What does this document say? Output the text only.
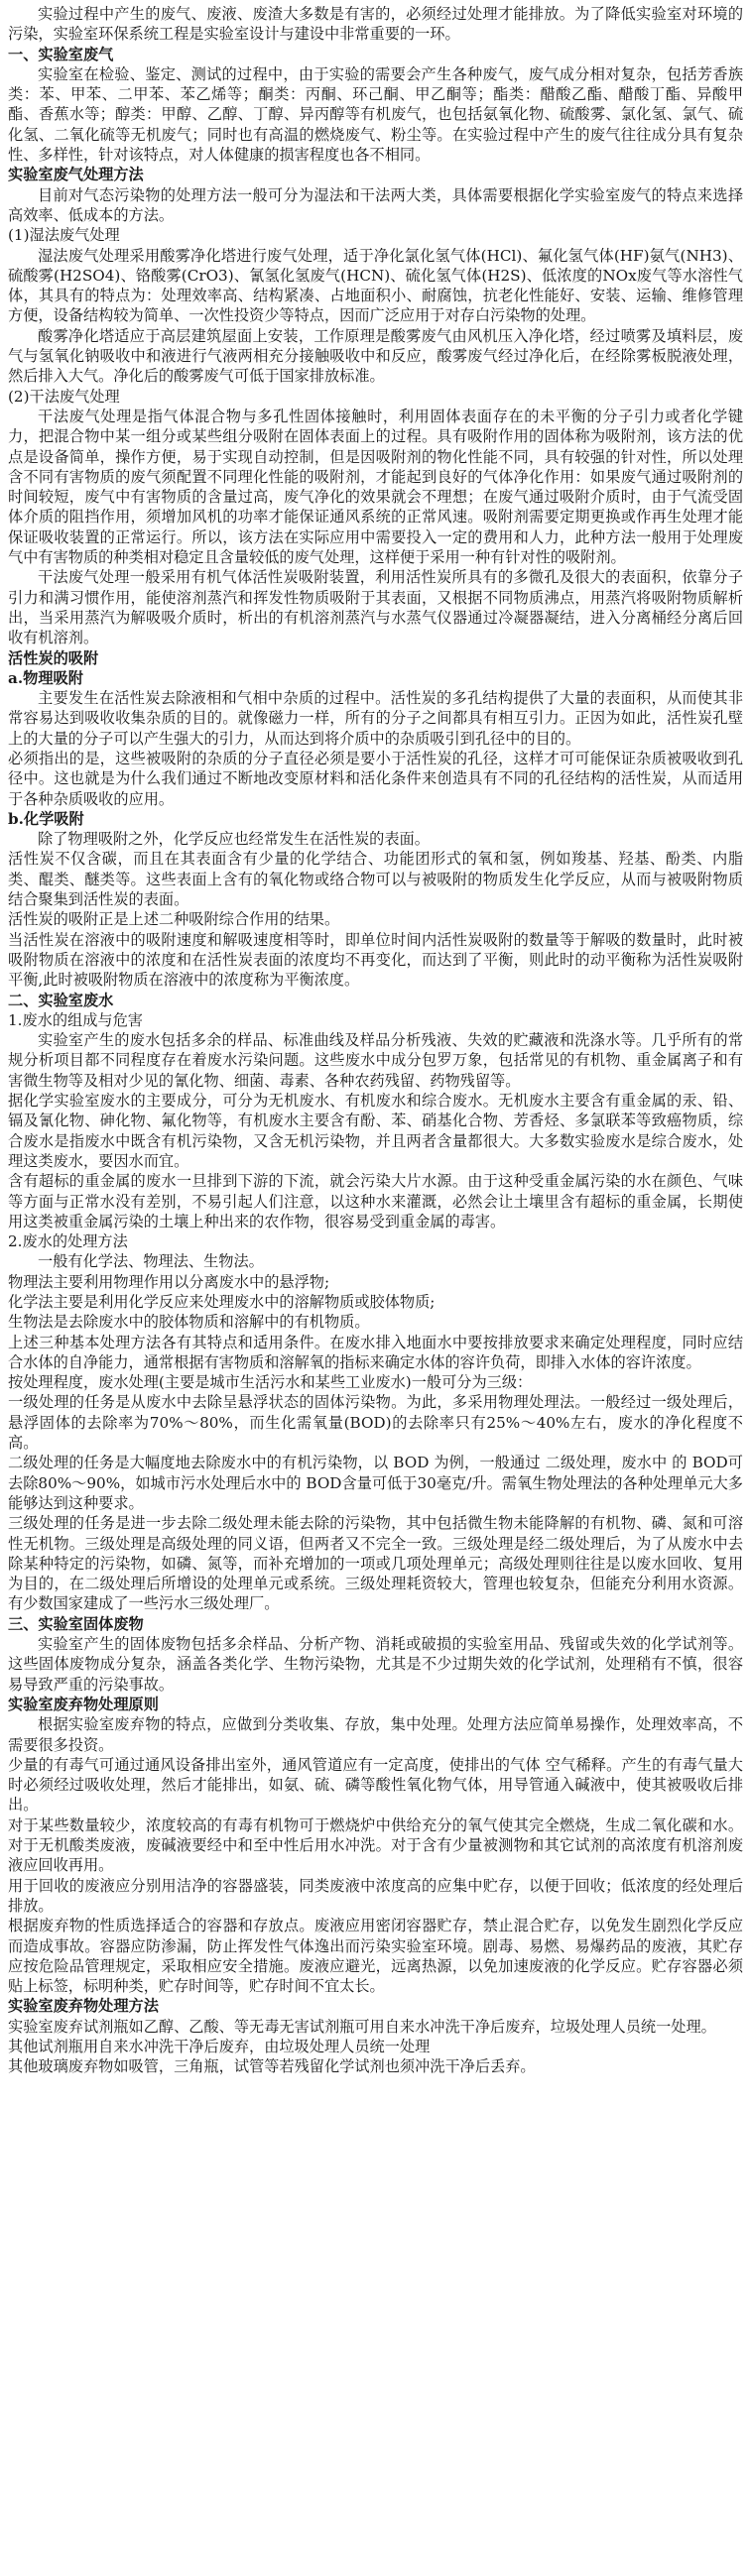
实验过程中产生的废气、废液、废渣大多数是有害的，必须经过处理才能排放。为了降低实验室对环境的污染，实验室环保系统工程是实验室设计与建设中非常重要的一环。

一、实验室废气

实验室在检验、鉴定、测试的过程中，由于实验的需要会产生各种废气，废气成分相对复杂，包括芳香族类：苯、甲苯、二甲苯、苯乙烯等；酮类：丙酮、环己酮、甲乙酮等；酯类：醋酸乙酯、醋酸丁酯、异酸甲酯、香蕉水等；醇类：甲醇、乙醇、丁醇、异丙醇等有机废气，也包括氨氧化物、硫酸雾、氯化氢、氯气、硫化氢、二氧化硫等无机废气；同时也有高温的燃烧废气、粉尘等。在实验过程中产生的废气往往成分具有复杂性、多样性，针对该特点，对人体健康的损害程度也各不相同。

实验室废气处理方法

目前对气态污染物的处理方法一般可分为湿法和干法两大类，具体需要根据化学实验室废气的特点来选择高效率、低成本的方法。

(1)湿法废气处理

湿法废气处理采用酸雾净化塔进行废气处理，适于净化氯化氢气体(HCl)、氟化氢气体(HF)氨气(NH3)、硫酸雾(H2SO4)、铬酸雾(CrO3)、氰氢化氢废气(HCN)、硫化氢气体(H2S)、低浓度的NOx废气等水溶性气体，其具有的特点为：处理效率高、结构紧凑、占地面积小、耐腐蚀，抗老化性能好、安装、运输、维修管理方便，设备结构较为简单、一次性投资少等特点，因而广泛应用于对存白污染物的处理。

酸雾净化塔适应于高层建筑屋面上安装，工作原理是酸雾废气由风机压入净化塔，经过喷雾及填料层，废气与氢氧化钠吸收中和液进行气液两相充分接触吸收中和反应，酸雾废气经过净化后，在经除雾板脱液处理，然后排入大气。净化后的酸雾废气可低于国家排放标准。

(2)干法废气处理

干法废气处理是指气体混合物与多孔性固体接触时，利用固体表面存在的未平衡的分子引力或者化学键力，把混合物中某一组分或某些组分吸附在固体表面上的过程。具有吸附作用的固体称为吸附剂，该方法的优点是设备简单，操作方便，易于实现自动控制，但是因吸附剂的物化性能不同，具有较强的针对性，所以处理含不同有害物质的废气须配置不同理化性能的吸附剂，才能起到良好的气体净化作用：如果废气通过吸附剂的时间较短，废气中有害物质的含量过高，废气净化的效果就会不理想；在废气通过吸附介质时，由于气流受固体介质的阻挡作用，须增加风机的功率才能保证通风系统的正常风速。吸附剂需要定期更换或作再生处理才能保证吸收装置的正常运行。所以，该方法在实际应用中需要投入一定的费用和人力，此种方法一般用于处理废气中有害物质的种类相对稳定且含量较低的废气处理，这样便于采用一种有针对性的吸附剂。

干法废气处理一般采用有机气体活性炭吸附装置，利用活性炭所具有的多微孔及很大的表面积，依靠分子引力和满习惯作用，能使溶剂蒸汽和挥发性物质吸附于其表面，又根据不同物质沸点，用蒸汽将吸附物质解析出，当采用蒸汽为解吸吸介质时，析出的有机溶剂蒸汽与水蒸气仪器通过冷凝器凝结，进入分离桶经分离后回收有机溶剂。

活性炭的吸附

a.物理吸附

主要发生在活性炭去除液相和气相中杂质的过程中。活性炭的多孔结构提供了大量的表面积，从而使其非常容易达到吸收收集杂质的目的。就像磁力一样，所有的分子之间都具有相互引力。正因为如此，活性炭孔壁上的大量的分子可以产生强大的引力，从而达到将介质中的杂质吸引到孔径中的目的。

必须指出的是，这些被吸附的杂质的分子直径必须是要小于活性炭的孔径，这样才可可能保证杂质被吸收到孔径中。这也就是为什么我们通过不断地改变原材料和活化条件来创造具有不同的孔径结构的活性炭，从而适用于各种杂质吸收的应用。

b.化学吸附

除了物理吸附之外，化学反应也经常发生在活性炭的表面。

活性炭不仅含碳，而且在其表面含有少量的化学结合、功能团形式的氧和氢，例如羧基、羟基、酚类、内脂类、醌类、醚类等。这些表面上含有的氧化物或络合物可以与被吸附的物质发生化学反应，从而与被吸附物质结合聚集到活性炭的表面。

活性炭的吸附正是上述二种吸附综合作用的结果。

当活性炭在溶液中的吸附速度和解吸速度相等时，即单位时间内活性炭吸附的数量等于解吸的数量时，此时被吸附物质在溶液中的浓度和在活性炭表面的浓度均不再变化，而达到了平衡，则此时的动平衡称为活性炭吸附平衡,此时被吸附物质在溶液中的浓度称为平衡浓度。

二、实验室废水

1.废水的组成与危害

实验室产生的废水包括多余的样品、标准曲线及样品分析残液、失效的贮藏液和洗涤水等。几乎所有的常规分析项目都不同程度存在着废水污染问题。这些废水中成分包罗万象，包括常见的有机物、重金属离子和有害微生物等及相对少见的氰化物、细菌、毒素、各种农药残留、药物残留等。

据化学实验室废水的主要成分，可分为无机废水、有机废水和综合废水。无机废水主要含有重金属的汞、铅、镉及氰化物、砷化物、氟化物等，有机废水主要含有酚、苯、硝基化合物、芳香烃、多氯联苯等致癌物质，综合废水是指废水中既含有机污染物，又含无机污染物，并且两者含量都很大。大多数实验废水是综合废水，处理这类废水，要因水而宜。

含有超标的重金属的废水一旦排到下游的下流，就会污染大片水源。由于这种受重金属污染的水在颜色、气味等方面与正常水没有差别，不易引起人们注意，以这种水来灌溉，必然会让土壤里含有超标的重金属，长期使用这类被重金属污染的土壤上种出来的农作物，很容易受到重金属的毒害。

2.废水的处理方法

一般有化学法、物理法、生物法。

物理法主要利用物理作用以分离废水中的悬浮物;

化学法主要是利用化学反应来处理废水中的溶解物质或胶体物质;

生物法是去除废水中的胶体物质和溶解中的有机物质。

上述三种基本处理方法各有其特点和适用条件。在废水排入地面水中要按排放要求来确定处理程度，同时应结合水体的自净能力，通常根据有害物质和溶解氧的指标来确定水体的容许负荷，即排入水体的容许浓度。

按处理程度，废水处理(主要是城市生活污水和某些工业废水)一般可分为三级：

一级处理的任务是从废水中去除呈悬浮状态的固体污染物。为此，多采用物理处理法。一般经过一级处理后，悬浮固体的去除率为70%～80%，而生化需氧量(BOD)的去除率只有25%～40%左右，废水的净化程度不高。

二级处理的任务是大幅度地去除废水中的有机污染物，以 BOD 为例，一般通过 二级处理，废水中 的 BOD可去除80%～90%，如城市污水处理后水中的 BOD含量可低于30毫克/升。需氧生物处理法的各种处理单元大多能够达到这种要求。

三级处理的任务是进一步去除二级处理未能去除的污染物，其中包括微生物未能降解的有机物、磷、氮和可溶性无机物。三级处理是高级处理的同义语，但两者又不完全一致。三级处理是经二级处理后，为了从废水中去除某种特定的污染物，如磷、氮等，而补充增加的一项或几项处理单元；高级处理则往往是以废水回收、复用为目的，在二级处理后所增设的处理单元或系统。三级处理耗资较大，管理也较复杂，但能充分利用水资源。有少数国家建成了一些污水三级处理厂。

三、实验室固体废物

实验室产生的固体废物包括多余样品、分析产物、消耗或破损的实验室用品、残留或失效的化学试剂等。这些固体废物成分复杂，涵盖各类化学、生物污染物，尤其是不少过期失效的化学试剂，处理稍有不慎，很容易导致严重的污染事故。

实验室废弃物处理原则

根据实验室废弃物的特点，应做到分类收集、存放，集中处理。处理方法应简单易操作，处理效率高，不需要很多投资。

少量的有毒气可通过通风设备排出室外，通风管道应有一定高度，使排出的气体 空气稀释。产生的有毒气量大时必须经过吸收处理，然后才能排出，如氨、硫、磷等酸性氧化物气体，用导管通入碱液中，使其被吸收后排出。

对于某些数量较少，浓度较高的有毒有机物可于燃烧炉中供给充分的氧气使其完全燃烧，生成二氧化碳和水。对于无机酸类废液，废碱液要经中和至中性后用水冲洗。对于含有少量被测物和其它试剂的高浓度有机溶剂废液应回收再用。

用于回收的废液应分别用洁净的容器盛装，同类废液中浓度高的应集中贮存，以便于回收；低浓度的经处理后排放。

根据废弃物的性质选择适合的容器和存放点。废液应用密闭容器贮存，禁止混合贮存，以免发生剧烈化学反应而造成事故。容器应防渗漏，防止挥发性气体逸出而污染实验室环境。剧毒、易燃、易爆药品的废液，其贮存应按危险品管理规定，采取相应安全措施。废液应避光，远离热源，以免加速废液的化学反应。贮存容器必须贴上标签，标明种类，贮存时间等，贮存时间不宜太长。

实验室废弃物处理方法

实验室废弃试剂瓶如乙醇、乙酸、等无毒无害试剂瓶可用自来水冲洗干净后废弃，垃圾处理人员统一处理。

其他试剂瓶用自来水冲洗干净后废弃，由垃圾处理人员统一处理

其他玻璃废弃物如吸管，三角瓶，试管等若残留化学试剂也须冲洗干净后丢弃。
